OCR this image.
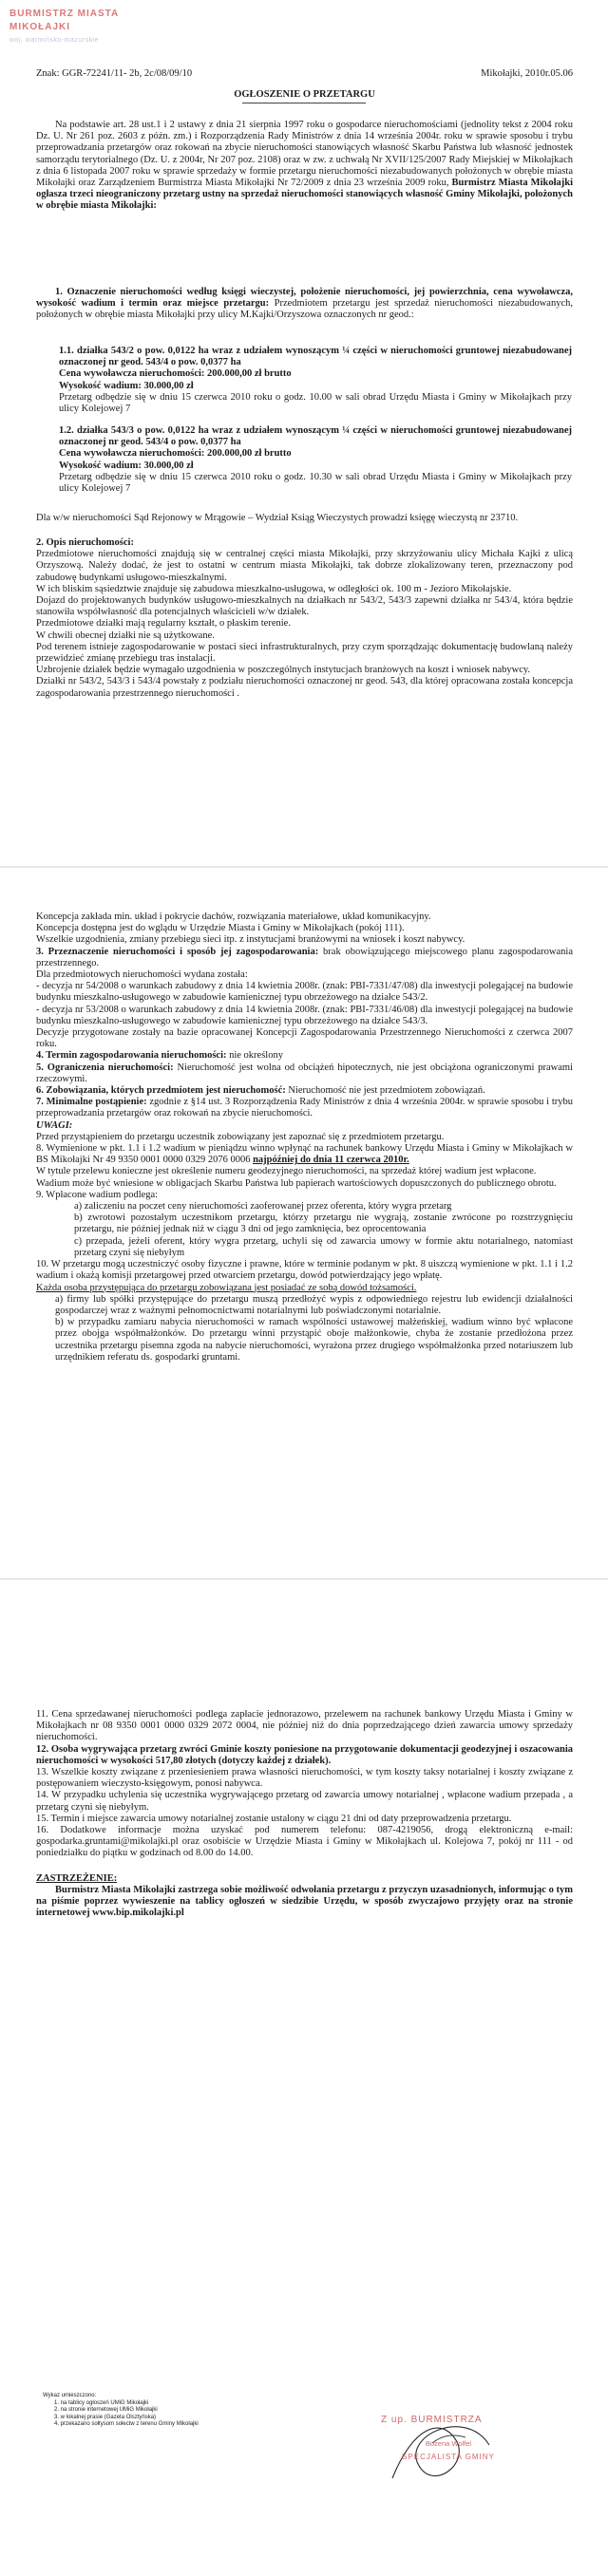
BURMISTRZ MIASTA MIKOŁAJKI
woj. warmińsko-mazurskie
Znak: GGR-72241/11- 2b, 2c/08/09/10	Mikołajki, 2010r.05.06
OGŁOSZENIE O PRZETARGU
Na podstawie art. 28 ust.1 i 2 ustawy z dnia 21 sierpnia 1997 roku o gospodarce nieruchomościami (jednolity tekst z 2004 roku Dz. U. Nr 261 poz. 2603 z późn. zm.) i Rozporządzenia Rady Ministrów z dnia 14 września 2004r. roku w sprawie sposobu i trybu przeprowadzania przetargów oraz rokowań na zbycie nieruchomości stanowiących własność Skarbu Państwa lub własność jednostek samorządu terytorialnego (Dz. U. z 2004r, Nr 207 poz. 2108) oraz w zw. z uchwałą Nr XVII/125/2007 Rady Miejskiej w Mikołajkach z dnia 6 listopada 2007 roku w sprawie sprzedaży w formie przetargu nieruchomości niezabudowanych położonych w obrębie miasta Mikołajki oraz Zarządzeniem Burmistrza Miasta Mikołajki Nr 72/2009 z dnia 23 września 2009 roku, Burmistrz Miasta Mikołajki ogłasza trzeci nieograniczony przetarg ustny na sprzedaż nieruchomości stanowiących własność Gminy Mikołajki, położonych w obrębie miasta Mikołajki:
1. Oznaczenie nieruchomości według księgi wieczystej, położenie nieruchomości, jej powierzchnia, cena wywoławcza, wysokość wadium i termin oraz miejsce przetargu: Przedmiotem przetargu jest sprzedaż nieruchomości niezabudowanych, położonych w obrębie miasta Mikołajki przy ulicy M.Kajki/Orzyszowa oznaczonych nr geod.:
1.1. działka 543/2 o pow. 0,0122 ha wraz z udziałem wynoszącym ¼ części w nieruchomości gruntowej niezabudowanej oznaczonej nr geod. 543/4 o pow. 0,0377 ha
Cena wywoławcza nieruchomości: 200.000,00 zł brutto
Wysokość wadium: 30.000,00 zł
Przetarg odbędzie się w dniu 15 czerwca 2010 roku o godz. 10.00 w sali obrad Urzędu Miasta i Gminy w Mikołajkach przy ulicy Kolejowej 7
1.2. działka 543/3 o pow. 0,0122 ha wraz z udziałem wynoszącym ¼ części w nieruchomości gruntowej niezabudowanej oznaczonej nr geod. 543/4 o pow. 0,0377 ha
Cena wywoławcza nieruchomości: 200.000,00 zł brutto
Wysokość wadium: 30.000,00 zł
Przetarg odbędzie się w dniu 15 czerwca 2010 roku o godz. 10.30 w sali obrad Urzędu Miasta i Gminy w Mikołajkach przy ulicy Kolejowej 7
Dla w/w nieruchomości Sąd Rejonowy w Mrągowie – Wydział Ksiąg Wieczystych prowadzi księgę wieczystą nr 23710.
2. Opis nieruchomości:
Przedmiotowe nieruchomości znajdują się w centralnej części miasta Mikołajki, przy skrzyżowaniu ulicy Michała Kajki z ulicą Orzyszową. Należy dodać, że jest to ostatni w centrum miasta Mikołajki, tak dobrze zlokalizowany teren, przeznaczony pod zabudowę budynkami usługowo-mieszkalnymi.
W ich bliskim sąsiedztwie znajduje się zabudowa mieszkalno-usługowa, w odległości ok. 100 m - Jezioro Mikołajskie.
Dojazd do projektowanych budynków usługowo-mieszkalnych na działkach nr 543/2, 543/3 zapewni działka nr 543/4, która będzie stanowiła współwłasność dla potencjalnych właścicieli w/w działek.
Przedmiotowe działki mają regularny kształt, o płaskim terenie.
W chwili obecnej działki nie są użytkowane.
Pod terenem istnieje zagospodarowanie w postaci sieci infrastrukturalnych, przy czym sporządzając dokumentację budowlaną należy przewidzieć zmianę przebiegu tras instalacji.
Uzbrojenie działek będzie wymagało uzgodnienia w poszczególnych instytucjach branżowych na koszt i wniosek nabywcy.
Działki nr 543/2, 543/3 i 543/4 powstały z podziału nieruchomości oznaczonej nr geod. 543, dla której opracowana została koncepcja zagospodarowania przestrzennego nieruchomości .
Koncepcja zakłada min. układ i pokrycie dachów, rozwiązania materiałowe, układ komunikacyjny.
Koncepcja dostępna jest do wglądu w Urzędzie Miasta i Gminy w Mikołajkach (pokój 111).
Wszelkie uzgodnienia, zmiany przebiegu sieci itp. z instytucjami branżowymi na wniosek i koszt nabywcy.
3. Przeznaczenie nieruchomości i sposób jej zagospodarowania: brak obowiązującego miejscowego planu zagospodarowania przestrzennego.
Dla przedmiotowych nieruchomości wydana została:
- decyzja nr 54/2008 o warunkach zabudowy z dnia 14 kwietnia 2008r. (znak: PBI-7331/47/08) dla inwestycji polegającej na budowie budynku mieszkalno-usługowego w zabudowie kamienicznej typu obrzeżowego na działce 543/2.
- decyzja nr 53/2008 o warunkach zabudowy z dnia 14 kwietnia 2008r. (znak: PBI-7331/46/08) dla inwestycji polegającej na budowie budynku mieszkalno-usługowego w zabudowie kamienicznej typu obrzeżowego na działce 543/3.
Decyzje przygotowane zostały na bazie opracowanej Koncepcji Zagospodarowania Przestrzennego Nieruchomości z czerwca 2007 roku.
4. Termin zagospodarowania nieruchomości: nie określony
5. Ograniczenia nieruchomości: Nieruchomość jest wolna od obciążeń hipotecznych, nie jest obciążona ograniczonymi prawami rzeczowymi.
6. Zobowiązania, których przedmiotem jest nieruchomość: Nieruchomość nie jest przedmiotem zobowiązań.
7. Minimalne postąpienie: zgodnie z §14 ust. 3 Rozporządzenia Rady Ministrów z dnia 4 września 2004r. w sprawie sposobu i trybu przeprowadzania przetargów oraz rokowań na zbycie nieruchomości.
UWAGI:
Przed przystąpieniem do przetargu uczestnik zobowiązany jest zapoznać się z przedmiotem przetargu.
8. Wymienione w pkt. 1.1 i 1.2 wadium w pieniądzu winno wpłynąć na rachunek bankowy Urzędu Miasta i Gminy w Mikołajkach w BS Mikołajki Nr 49 9350 0001 0000 0329 2076 0006 najpóźniej do dnia 11 czerwca 2010r.
W tytule przelewu konieczne jest określenie numeru geodezyjnego nieruchomości, na sprzedaż której wadium jest wpłacone.
Wadium może być wniesione w obligacjach Skarbu Państwa lub papierach wartościowych dopuszczonych do publicznego obrotu.
9. Wpłacone wadium podlega:
a) zaliczeniu na poczet ceny nieruchomości zaoferowanej przez oferenta, który wygra przetarg
b) zwrotowi pozostałym uczestnikom przetargu, którzy przetargu nie wygrają, zostanie zwrócone po rozstrzygnięciu przetargu, nie później jednak niż w ciągu 3 dni od jego zamknięcia, bez oprocentowania
c) przepada, jeżeli oferent, który wygra przetarg, uchyli się od zawarcia umowy w formie aktu notarialnego, natomiast przetarg czyni się niebyłym
10. W przetargu mogą uczestniczyć osoby fizyczne i prawne, które w terminie podanym w pkt. 8 uiszczą wymienione w pkt. 1.1 i 1.2 wadium i okażą komisji przetargowej przed otwarciem przetargu, dowód potwierdzający jego wpłatę.
Każda osoba przystępująca do przetargu zobowiązana jest posiadać ze sobą dowód tożsamości.
a) firmy lub spółki przystępujące do przetargu muszą przedłożyć wypis z odpowiedniego rejestru lub ewidencji działalności gospodarczej wraz z ważnymi pełnomocnictwami notarialnymi lub poświadczonymi notarialnie.
b) w przypadku zamiaru nabycia nieruchomości w ramach wspólności ustawowej małżeńskiej, wadium winno być wpłacone przez obojga współmałżonków. Do przetargu winni przystąpić oboje małżonkowie, chyba że zostanie przedłożona przez uczestnika przetargu pisemna zgoda na nabycie nieruchomości, wyrażona przez drugiego współmałżonka przed notariuszem lub urzędnikiem referatu ds. gospodarki gruntami.
11. Cena sprzedawanej nieruchomości podlega zapłacie jednorazowo, przelewem na rachunek bankowy Urzędu Miasta i Gminy w Mikołajkach nr 08 9350 0001 0000 0329 2072 0004, nie później niż do dnia poprzedzającego dzień zawarcia umowy sprzedaży nieruchomości.
12. Osoba wygrywająca przetarg zwróci Gminie koszty poniesione na przygotowanie dokumentacji geodezyjnej i oszacowania nieruchomości w wysokości 517,80 złotych (dotyczy każdej z działek).
13. Wszelkie koszty związane z przeniesieniem prawa własności nieruchomości, w tym koszty taksy notarialnej i koszty związane z postępowaniem wieczysto-księgowym, ponosi nabywca.
14. W przypadku uchylenia się uczestnika wygrywającego przetarg od zawarcia umowy notarialnej , wpłacone wadium przepada , a przetarg czyni się niebyłym.
15. Termin i miejsce zawarcia umowy notarialnej zostanie ustalony w ciągu 21 dni od daty przeprowadzenia przetargu.
16. Dodatkowe informacje można uzyskać pod numerem telefonu: 087-4219056, drogą elektroniczną e-mail: gospodarka.gruntami@mikolajki.pl oraz osobiście w Urzędzie Miasta i Gminy w Mikołajkach ul. Kolejowa 7, pokój nr 111 - od poniedziałku do piątku w godzinach od 8.00 do 14.00.
ZASTRZEŻENIE:
Burmistrz Miasta Mikołajki zastrzega sobie możliwość odwołania przetargu z przyczyn uzasadnionych, informując o tym na piśmie poprzez wywieszenie na tablicy ogłoszeń w siedzibie Urzędu, w sposób zwyczajowo przyjęty oraz na stronie internetowej www.bip.mikolajki.pl
Wykaz umieszczono:
1. na tablicy ogłoszeń UMiG Mikołajki
2. na stronie internetowej UMiG Mikołajki
3. w lokalnej prasie (Gazeta Olsztyńska)
4. przekazano sołtysom sołectw z terenu Gminy Mikołajki	Z up. BURMISTRZA
Bożena Wolfel
SPECJALISTA GMINY
